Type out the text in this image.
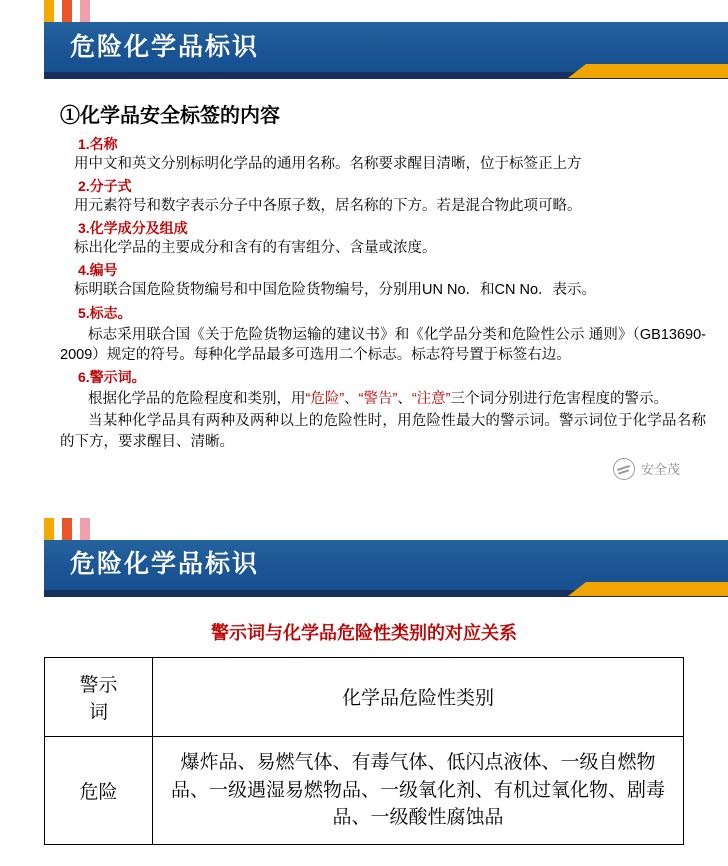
危险化学品标识
①化学品安全标签的内容
1.名称
用中文和英文分别标明化学品的通用名称。名称要求醒目清晰，位于标签正上方
2.分子式
用元素符号和数字表示分子中各原子数，居名称的下方。若是混合物此项可略。
3.化学成分及组成
标出化学品的主要成分和含有的有害组分、含量或浓度。
4.编号
标明联合国危险货物编号和中国危险货物编号，分别用UN No．和CN No．表示。
5.标志。
标志采用联合国《关于危险货物运输的建议书》和《化学品分类和危险性公示 通则》（GB13690-2009）规定的符号。每种化学品最多可选用二个标志。标志符号置于标签右边。
6.警示词。
根据化学品的危险程度和类别，用“危险”、“警告”、“注意”三个词分别进行危害程度的警示。
当某种化学品具有两种及两种以上的危险性时，用危险性最大的警示词。警示词位于化学品名称的下方，要求醒目、清晰。
安全茂
危险化学品标识
警示词与化学品危险性类别的对应关系
警示
词	化学品危险性类别
危险	爆炸品、易燃气体、有毒气体、低闪点液体、一级自燃物品、一级遇湿易燃物品、一级氧化剂、有机过氧化物、剧毒品、一级酸性腐蚀品
